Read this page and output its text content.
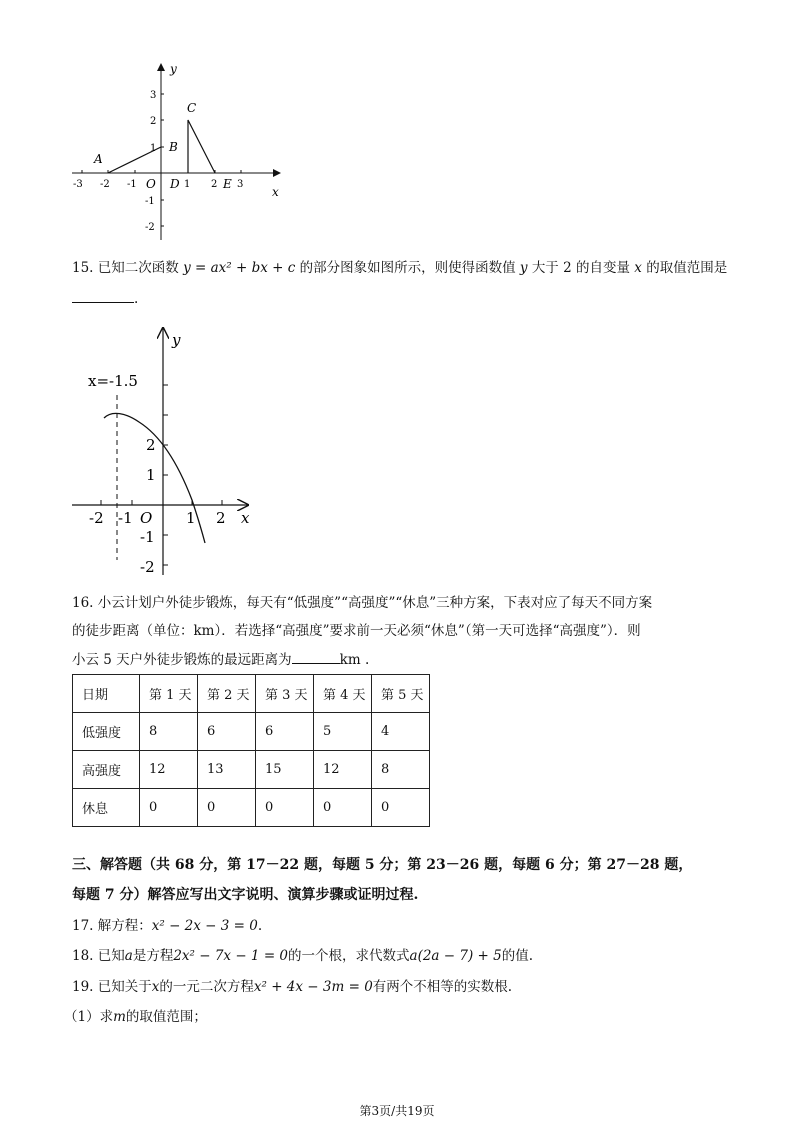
x
y
A
B
C
O D	E
-3 -2 -1	1 2 3
3
2
1
-1
-2
15. 已知二次函数 y = ax² + bx + c 的部分图象如图所示，则使得函数值 y 大于 2 的自变量 x 的取值范围是
.
x=-1.5
y
x
O
-2 -1	1 2
2
1
-1
-2
16. 小云计划户外徒步锻炼，每天有“低强度”“高强度”“休息”三种方案，下表对应了每天不同方案
的徒步距离（单位：km）．若选择“高强度”要求前一天必须“休息”（第一天可选择“高强度”）．则
小云 5 天户外徒步锻炼的最远距离为	km .
日期	第 1 天	第 2 天	第 3 天	第 4 天	第 5 天
低强度	8	6	6	5	4
高强度	12	13	15	12	8
休息	0	0	0	0	0
三、解答题（共 68 分，第 17－22 题，每题 5 分；第 23－26 题，每题 6 分；第 27－28 题，
每题 7 分）解答应写出文字说明、演算步骤或证明过程.
17. 解方程：x² − 2x − 3 = 0.
18. 已知a是方程2x² − 7x − 1 = 0的一个根，求代数式a(2a − 7) + 5的值.
19. 已知关于x的一元二次方程x² + 4x − 3m = 0有两个不相等的实数根.
（1）求m的取值范围；
第3页/共19页
